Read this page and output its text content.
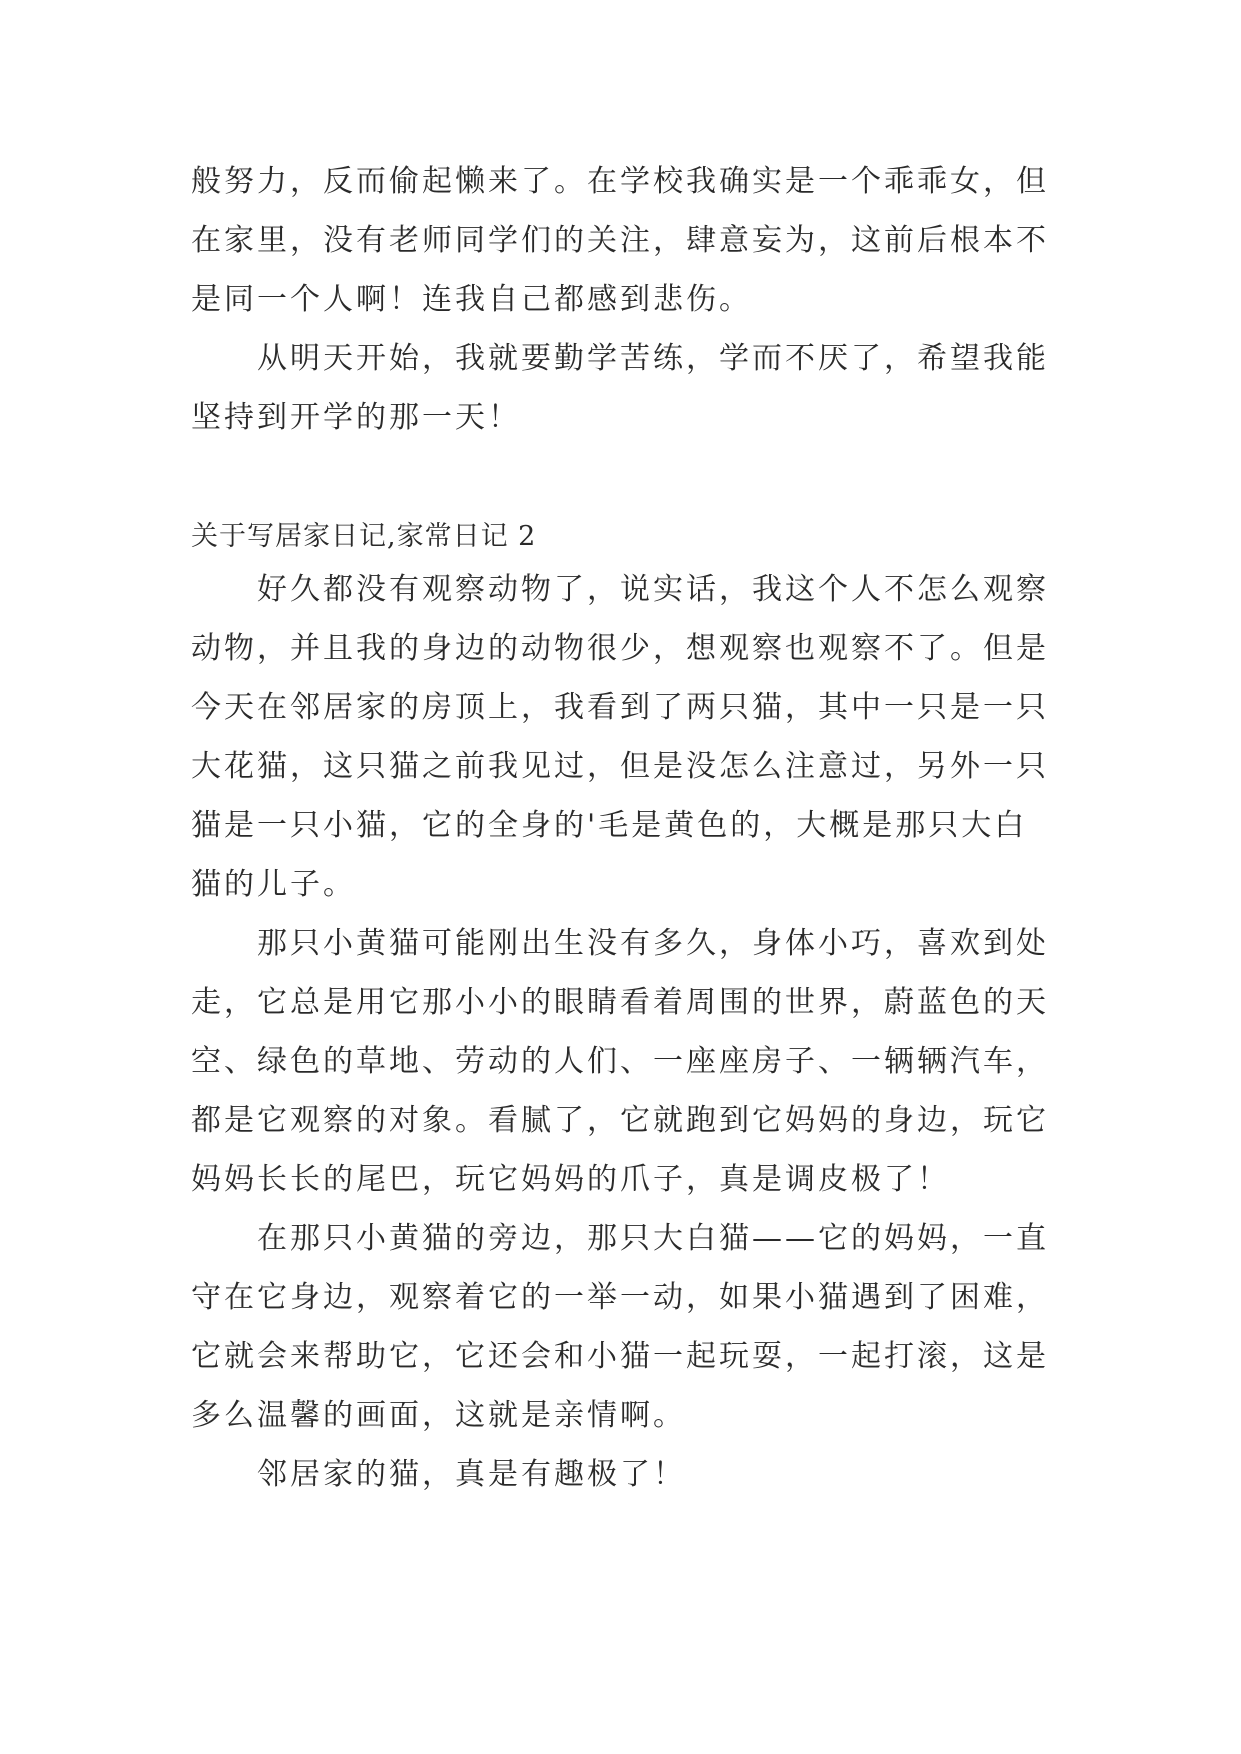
般努力，反而偷起懒来了。在学校我确实是一个乖乖女，但

在家里，没有老师同学们的关注，肆意妄为，这前后根本不

是同一个人啊！连我自己都感到悲伤。

　　从明天开始，我就要勤学苦练，学而不厌了，希望我能

坚持到开学的那一天！

关于写居家日记,家常日记 2

　　好久都没有观察动物了，说实话，我这个人不怎么观察

动物，并且我的身边的动物很少，想观察也观察不了。但是

今天在邻居家的房顶上，我看到了两只猫，其中一只是一只

大花猫，这只猫之前我见过，但是没怎么注意过，另外一只

猫是一只小猫，它的全身的'毛是黄色的，大概是那只大白

猫的儿子。

　　那只小黄猫可能刚出生没有多久，身体小巧，喜欢到处

走，它总是用它那小小的眼睛看着周围的世界，蔚蓝色的天

空、绿色的草地、劳动的人们、一座座房子、一辆辆汽车，

都是它观察的对象。看腻了，它就跑到它妈妈的身边，玩它

妈妈长长的尾巴，玩它妈妈的爪子，真是调皮极了！

　　在那只小黄猫的旁边，那只大白猫——它的妈妈，一直

守在它身边，观察着它的一举一动，如果小猫遇到了困难，

它就会来帮助它，它还会和小猫一起玩耍，一起打滚，这是

多么温馨的画面，这就是亲情啊。

　　邻居家的猫，真是有趣极了！
